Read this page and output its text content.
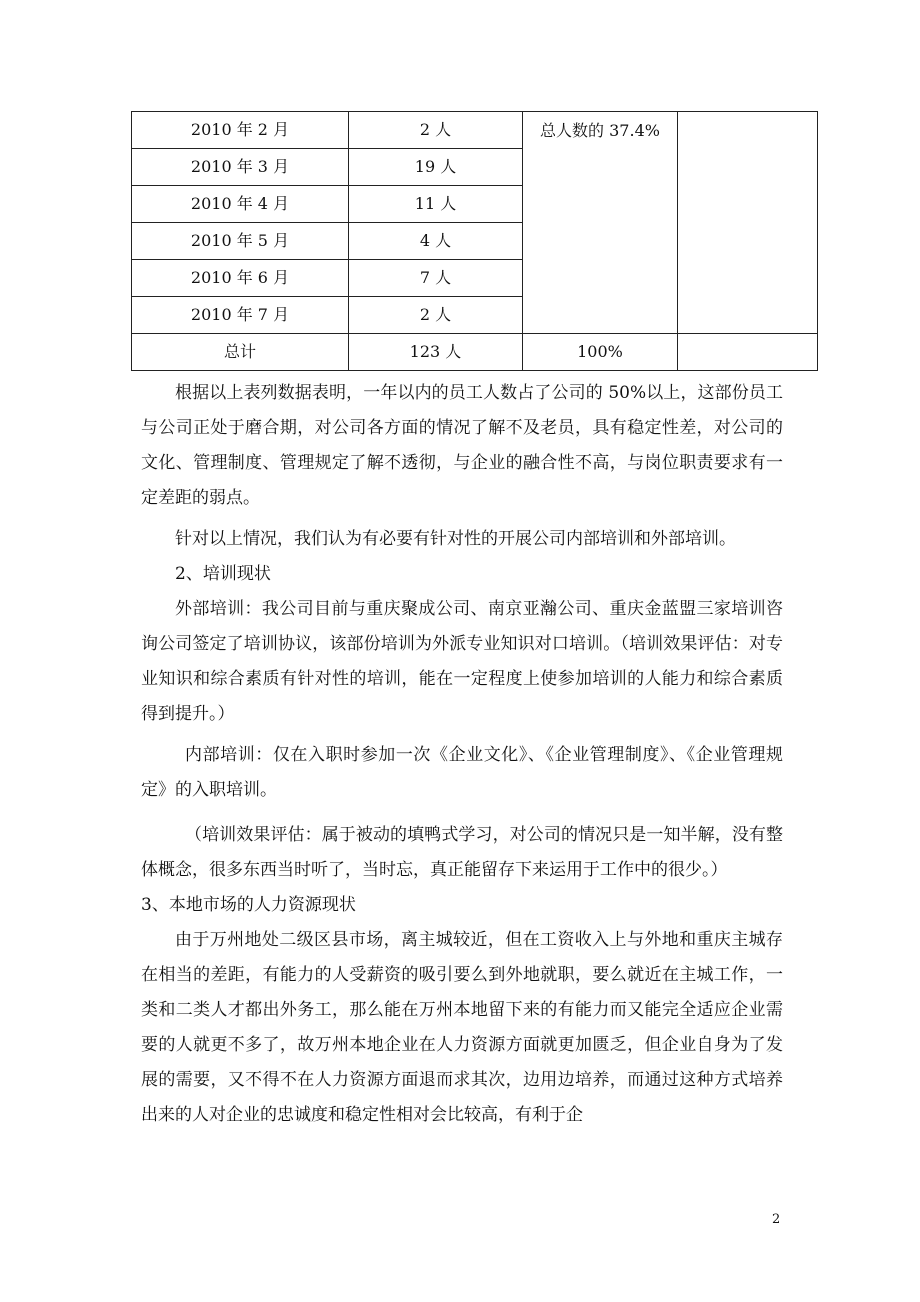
2010 年 2 月	2 人	总人数的 37.4%	
2010 年 3 月	19 人		
2010 年 4 月	11 人		
2010 年 5 月	4 人		
2010 年 6 月	7 人		
2010 年 7 月	2 人		
总计	123 人	100%	

根据以上表列数据表明，一年以内的员工人数占了公司的 50%以上，这部份员工与公司正处于磨合期，对公司各方面的情况了解不及老员，具有稳定性差，对公司的文化、管理制度、管理规定了解不透彻，与企业的融合性不高，与岗位职责要求有一定差距的弱点。

针对以上情况，我们认为有必要有针对性的开展公司内部培训和外部培训。

2、培训现状

外部培训：我公司目前与重庆聚成公司、南京亚瀚公司、重庆金蓝盟三家培训咨询公司签定了培训协议，该部份培训为外派专业知识对口培训。（培训效果评估：对专业知识和综合素质有针对性的培训，能在一定程度上使参加培训的人能力和综合素质得到提升。）

内部培训：仅在入职时参加一次《企业文化》、《企业管理制度》、《企业管理规定》的入职培训。

（培训效果评估：属于被动的填鸭式学习，对公司的情况只是一知半解，没有整体概念，很多东西当时听了，当时忘，真正能留存下来运用于工作中的很少。）

3、本地市场的人力资源现状

由于万州地处二级区县市场，离主城较近，但在工资收入上与外地和重庆主城存在相当的差距，有能力的人受薪资的吸引要么到外地就职，要么就近在主城工作，一类和二类人才都出外务工，那么能在万州本地留下来的有能力而又能完全适应企业需要的人就更不多了，故万州本地企业在人力资源方面就更加匮乏，但企业自身为了发展的需要，又不得不在人力资源方面退而求其次，边用边培养，而通过这种方式培养出来的人对企业的忠诚度和稳定性相对会比较高，有利于企

2
